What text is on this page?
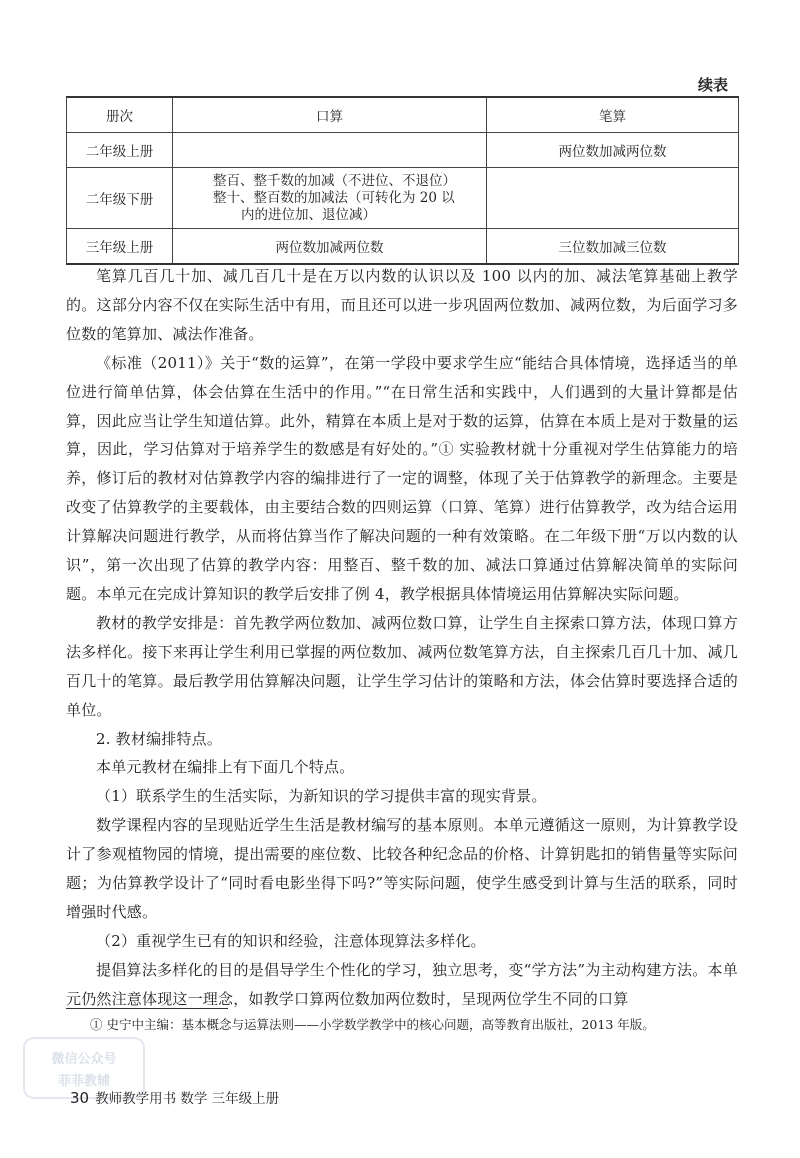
续表
册次	口算	笔算
二年级上册		两位数加减两位数
二年级下册	整百、整千数的加减（不进位、不退位）
整十、整百数的加减法（可转化为 20 以
内的进位加、退位减）	

三年级上册	两位数加减两位数	三位数加减三位数

笔算几百几十加、减几百几十是在万以内数的认识以及 100 以内的加、减法笔算基础上教学的。这部分内容不仅在实际生活中有用，而且还可以进一步巩固两位数加、减两位数，为后面学习多位数的笔算加、减法作准备。

《标准（2011）》关于“数的运算”，在第一学段中要求学生应“能结合具体情境，选择适当的单位进行简单估算，体会估算在生活中的作用。”“在日常生活和实践中，人们遇到的大量计算都是估算，因此应当让学生知道估算。此外，精算在本质上是对于数的运算，估算在本质上是对于数量的运算，因此，学习估算对于培养学生的数感是有好处的。”① 实验教材就十分重视对学生估算能力的培养，修订后的教材对估算教学内容的编排进行了一定的调整，体现了关于估算教学的新理念。主要是改变了估算教学的主要载体，由主要结合数的四则运算（口算、笔算）进行估算教学，改为结合运用计算解决问题进行教学，从而将估算当作了解决问题的一种有效策略。在二年级下册“万以内数的认识”，第一次出现了估算的教学内容：用整百、整千数的加、减法口算通过估算解决简单的实际问题。本单元在完成计算知识的教学后安排了例 4，教学根据具体情境运用估算解决实际问题。

教材的教学安排是：首先教学两位数加、减两位数口算，让学生自主探索口算方法，体现口算方法多样化。接下来再让学生利用已掌握的两位数加、减两位数笔算方法，自主探索几百几十加、减几百几十的笔算。最后教学用估算解决问题，让学生学习估计的策略和方法，体会估算时要选择合适的单位。

2. 教材编排特点。

本单元教材在编排上有下面几个特点。

（1）联系学生的生活实际，为新知识的学习提供丰富的现实背景。

数学课程内容的呈现贴近学生生活是教材编写的基本原则。本单元遵循这一原则，为计算教学设计了参观植物园的情境，提出需要的座位数、比较各种纪念品的价格、计算钥匙扣的销售量等实际问题；为估算教学设计了“同时看电影坐得下吗?”等实际问题，使学生感受到计算与生活的联系，同时增强时代感。

（2）重视学生已有的知识和经验，注意体现算法多样化。

提倡算法多样化的目的是倡导学生个性化的学习，独立思考，变“学方法”为主动构建方法。本单元仍然注意体现这一理念，如教学口算两位数加两位数时，呈现两位学生不同的口算

① 史宁中主编：基本概念与运算法则——小学数学教学中的核心问题，高等教育出版社，2013 年版。
微信公众号
菲菲教辅
30 教师教学用书 数学 三年级上册
